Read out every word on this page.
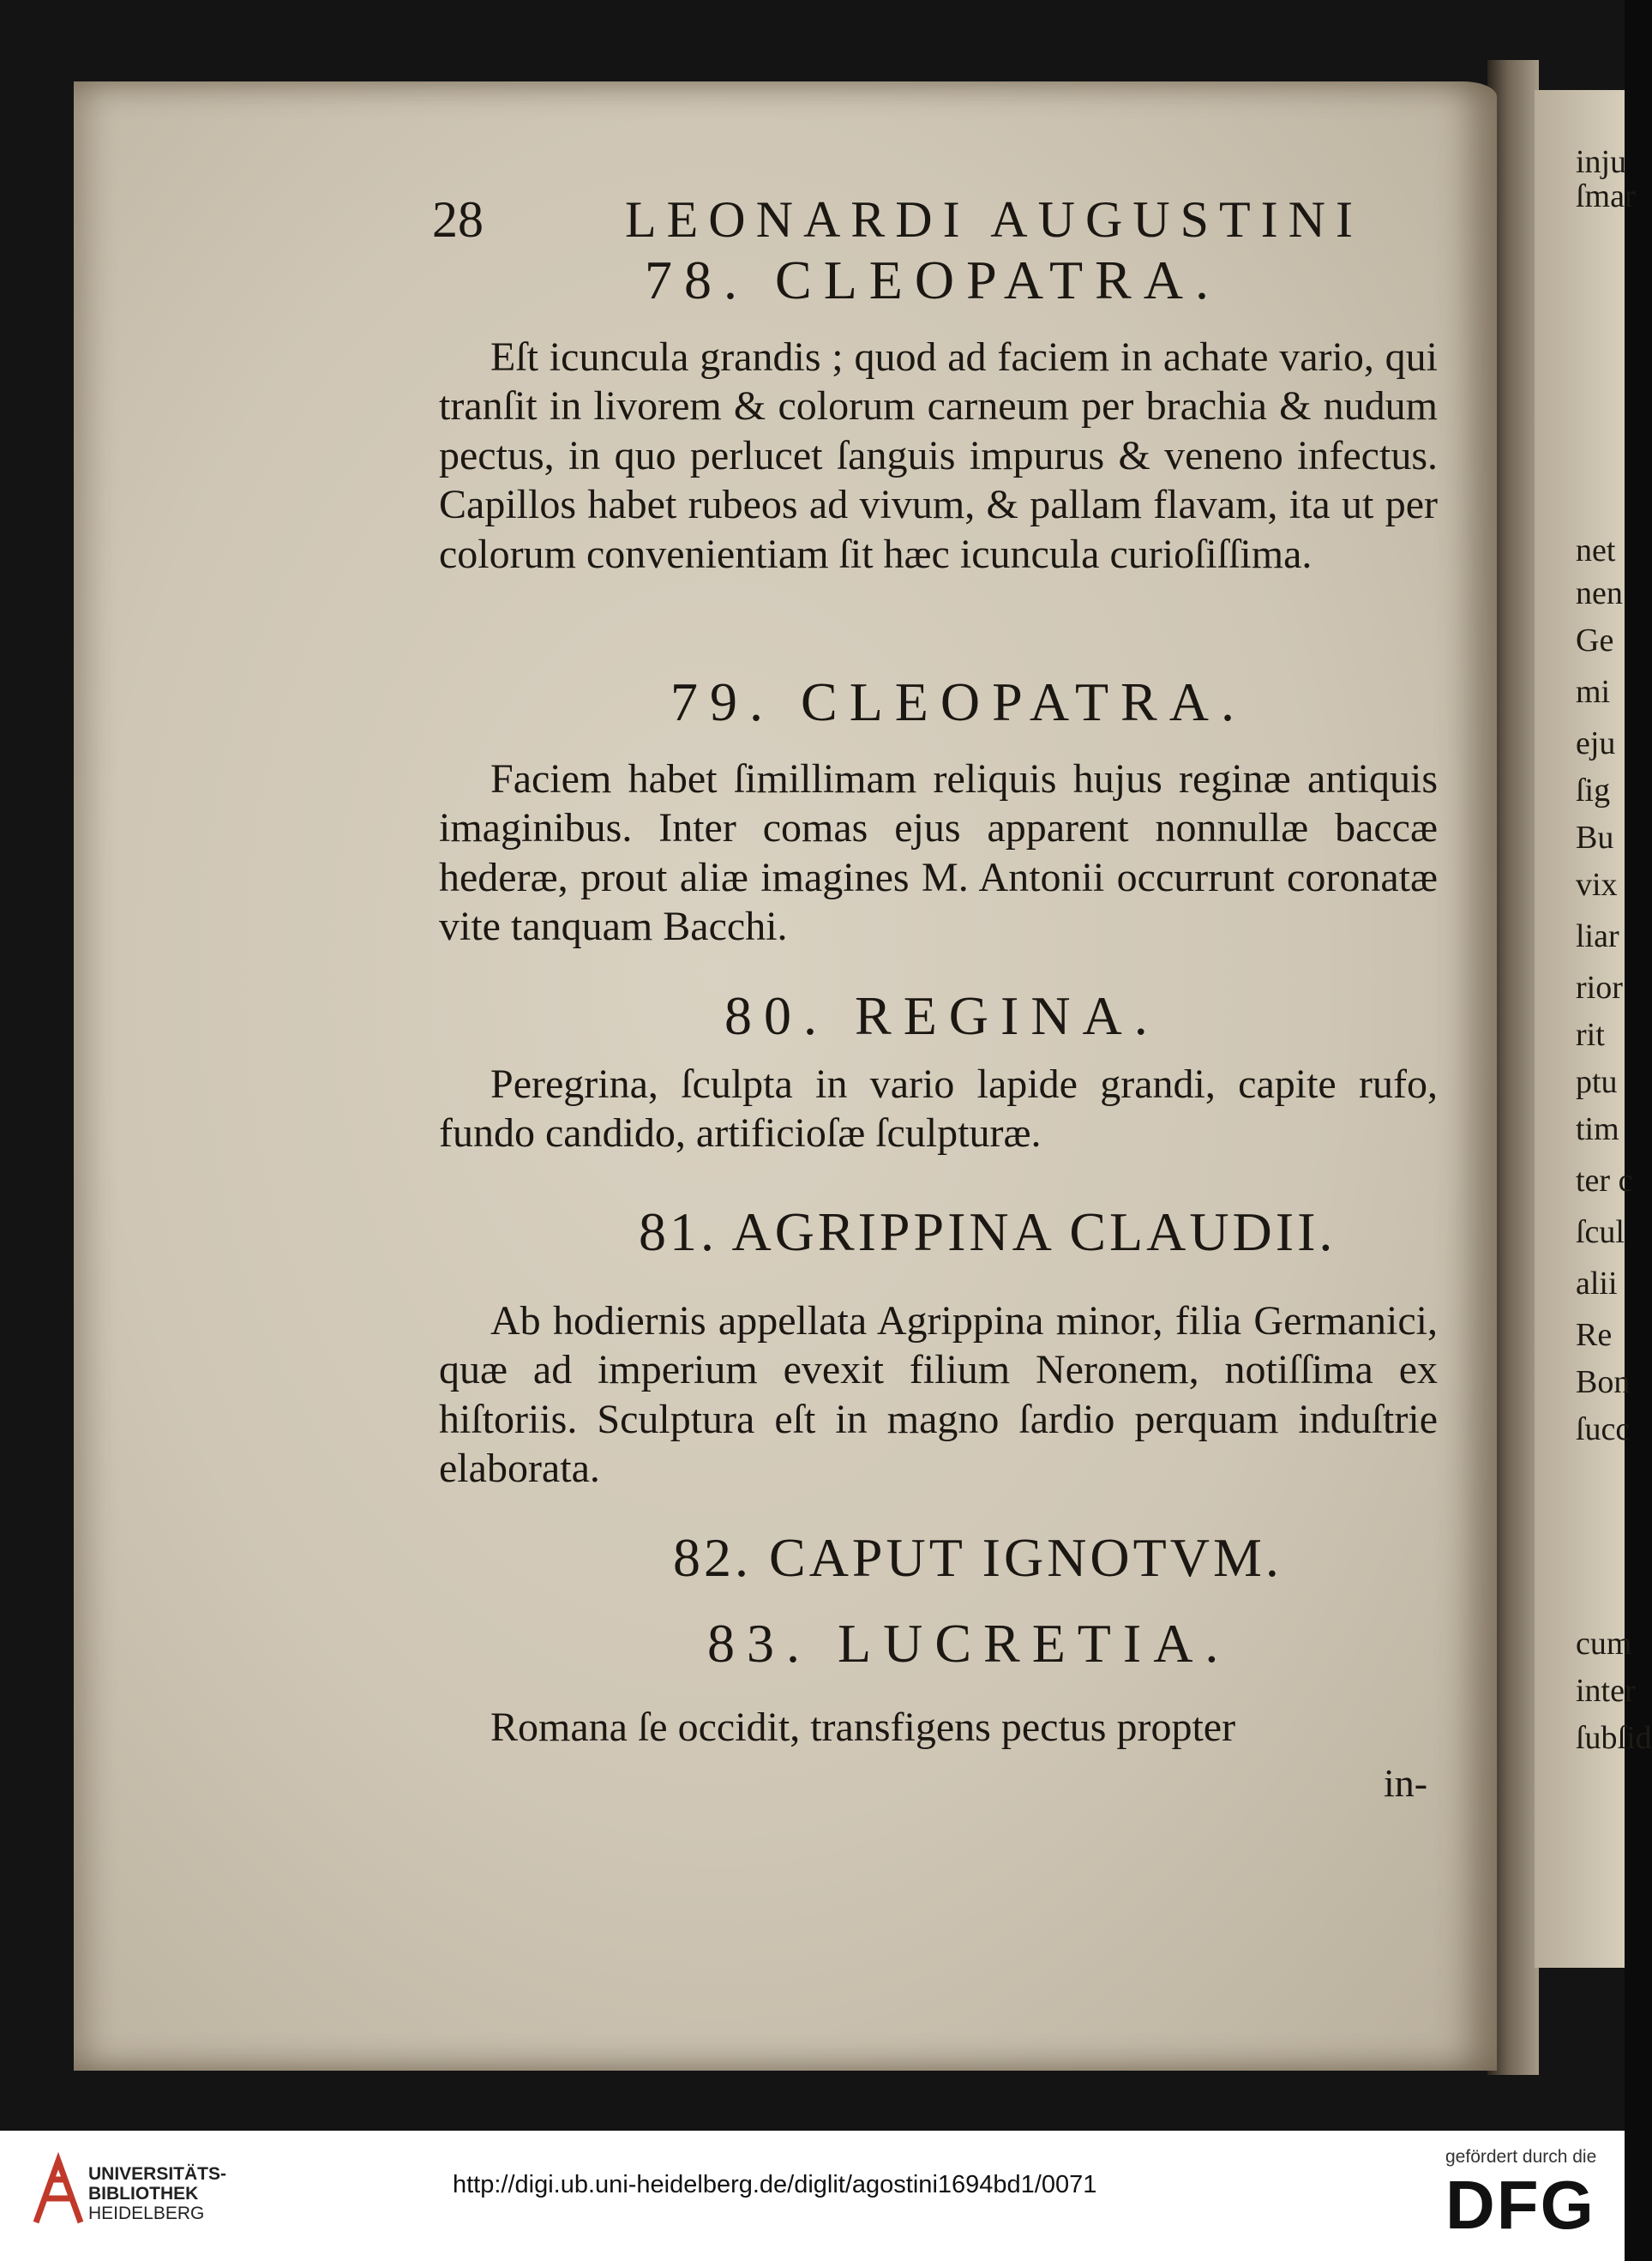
inju
ſmar
net
nen
Ge
mi
eju
ſig
Bu
vix
liar
rior
rit
ptu
tim
ter c
ſcul
alii
Re
Bon
ſucc
cum
inter
ſubſid
28	LEONARDI AUGUSTINI
78. CLEOPATRA.

Eſt icuncula grandis ; quod ad faciem in achate vario, qui tranſit in livorem & colorum carneum per brachia & nudum pectus, in quo perlucet ſanguis impurus & veneno infectus. Capillos habet rubeos ad vivum, & pallam flavam, ita ut per colorum convenientiam ſit hæc icuncula curioſiſſima.

79. CLEOPATRA.

Faciem habet ſimillimam reliquis hujus reginæ antiquis imaginibus. Inter comas ejus apparent nonnullæ baccæ hederæ, prout aliæ imagines M. Antonii occurrunt coronatæ vite tanquam Bacchi.

80. REGINA.

Peregrina, ſculpta in vario lapide grandi, capite rufo, fundo candido, artificioſæ ſculpturæ.

81. AGRIPPINA CLAUDII.

Ab hodiernis appellata Agrippina minor, filia Germanici, quæ ad imperium evexit filium Neronem, notiſſima ex hiſtoriis. Sculptura eſt in magno ſardio perquam induſtrie elaborata.

82. CAPUT IGNOTVM.
83. LUCRETIA.

Romana ſe occidit, transfigens pectus propter

in-
UNIVERSITÄTS-
BIBLIOTHEK
HEIDELBERG
http://digi.ub.uni-heidelberg.de/diglit/agostini1694bd1/0071
gefördert durch die
DFG
